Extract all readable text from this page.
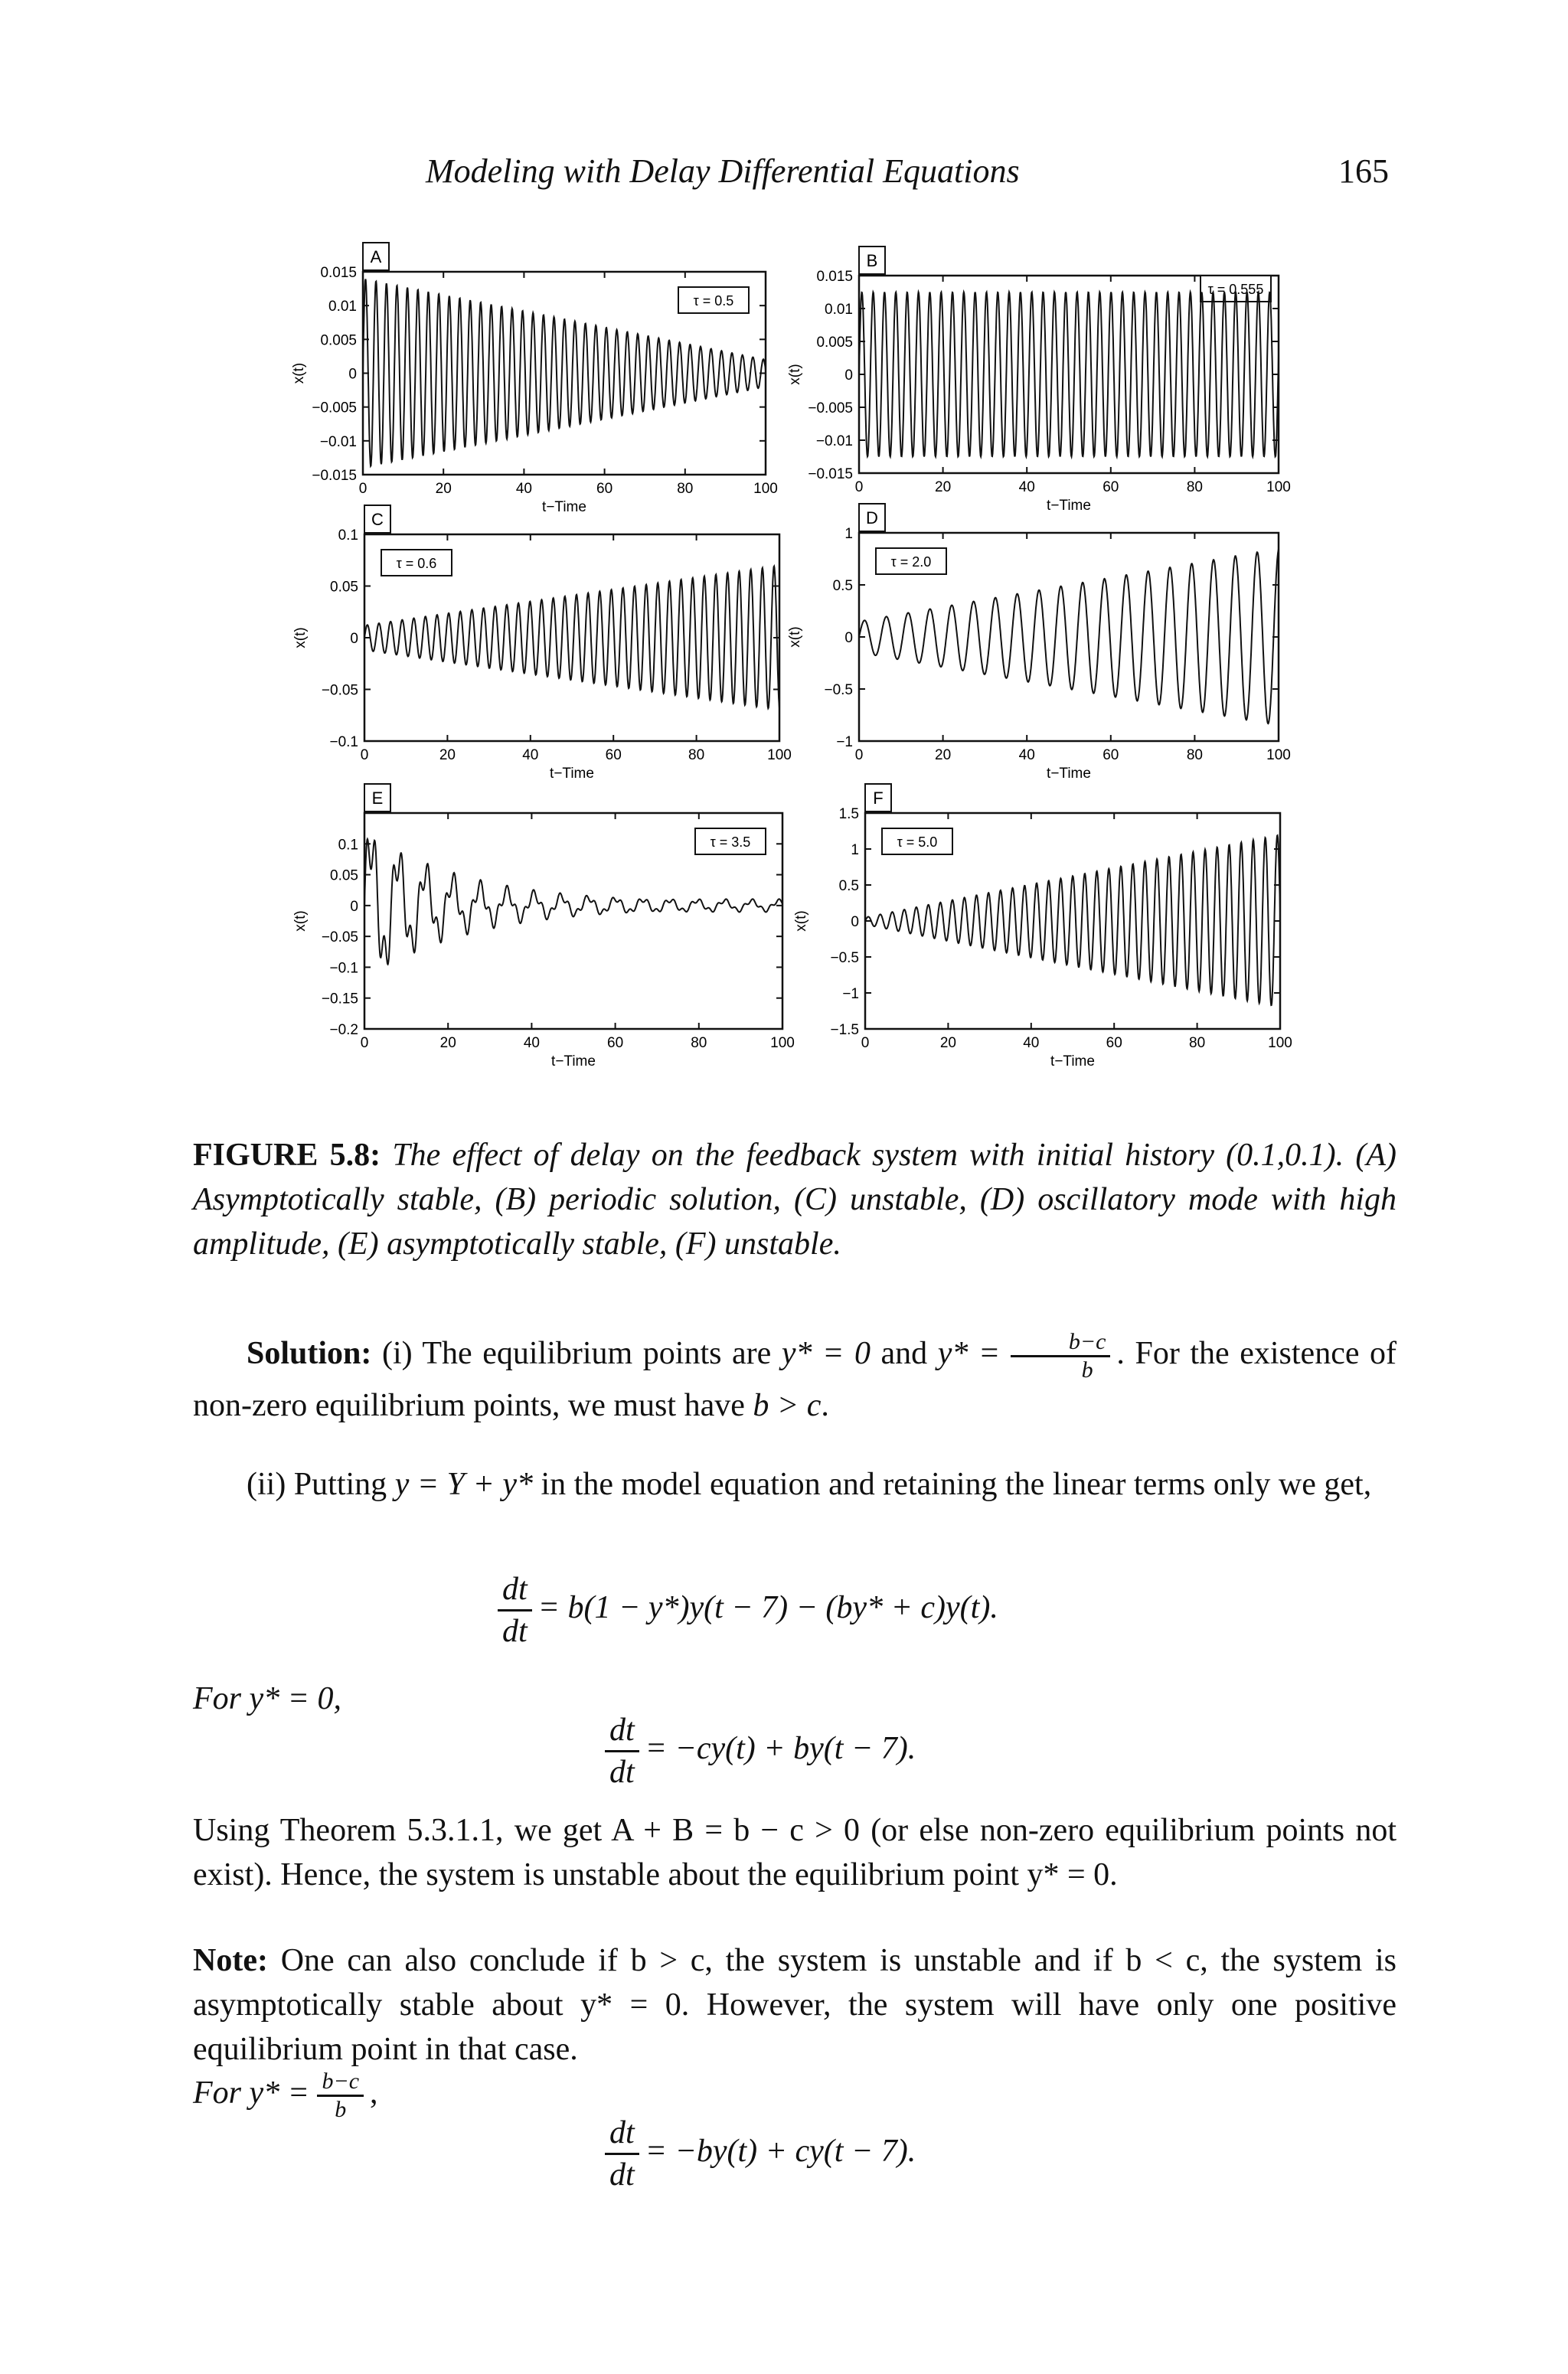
Modeling with Delay Differential Equations	165
A
0.015
0.01
0.005
0
−0.005
−0.01
−0.015
0	20	40	60	80	100
t−Time
x(t)
τ = 0.5
B
0.015
0.01
0.005
0
−0.005
−0.01
−0.015
0	20	40	60	80	100
t−Time
x(t)
τ = 0.555
C
0.1
0.05
0
−0.05
−0.1
0	20	40	60	80	100
t−Time
x(t)
τ = 0.6
D
1
0.5
0
−0.5
−1
0	20	40	60	80	100
t−Time
x(t)
τ = 2.0
E
0.1
0.05
0
−0.05
−0.1
−0.15
−0.2
0	20	40	60	80	100
t−Time
x(t)
τ = 3.5
F
1.5
1
0.5
0
−0.5
−1
−1.5
0	20	40	60	80	100
t−Time
x(t)
τ = 5.0
FIGURE 5.8: The effect of delay on the feedback system with initial history (0.1,0.1). (A) Asymptotically stable, (B) periodic solution, (C) unstable, (D) oscillatory mode with high amplitude, (E) asymptotically stable, (F) unstable.
Solution: (i) The equilibrium points are y* = 0 and $y* = \frac{b-c}{b}$ . For the existence of non-zero equilibrium points, we must have b > c.
(ii) Putting y = Y + y* in the model equation and retaining the linear terms only we get,
$\frac{dt}{dt} = b(1 - y*)y(t - 7) - (by* + c)y(t)$.
For y* = 0,
$\frac{dt}{dt} = -cy(t) + by(t - 7)$.
Using Theorem 5.3.1.1, we get A + B = b − c > 0 (or else non-zero equilibrium points not exist). Hence, the system is unstable about the equilibrium point y* = 0.
Note: One can also conclude if b > c, the system is unstable and if b < c, the system is asymptotically stable about y* = 0. However, the system will have only one positive equilibrium point in that case.
For $y* = \frac{b-c}{b}$ ,
$\frac{dt}{dt} = -by(t) + cy(t - 7)$.
